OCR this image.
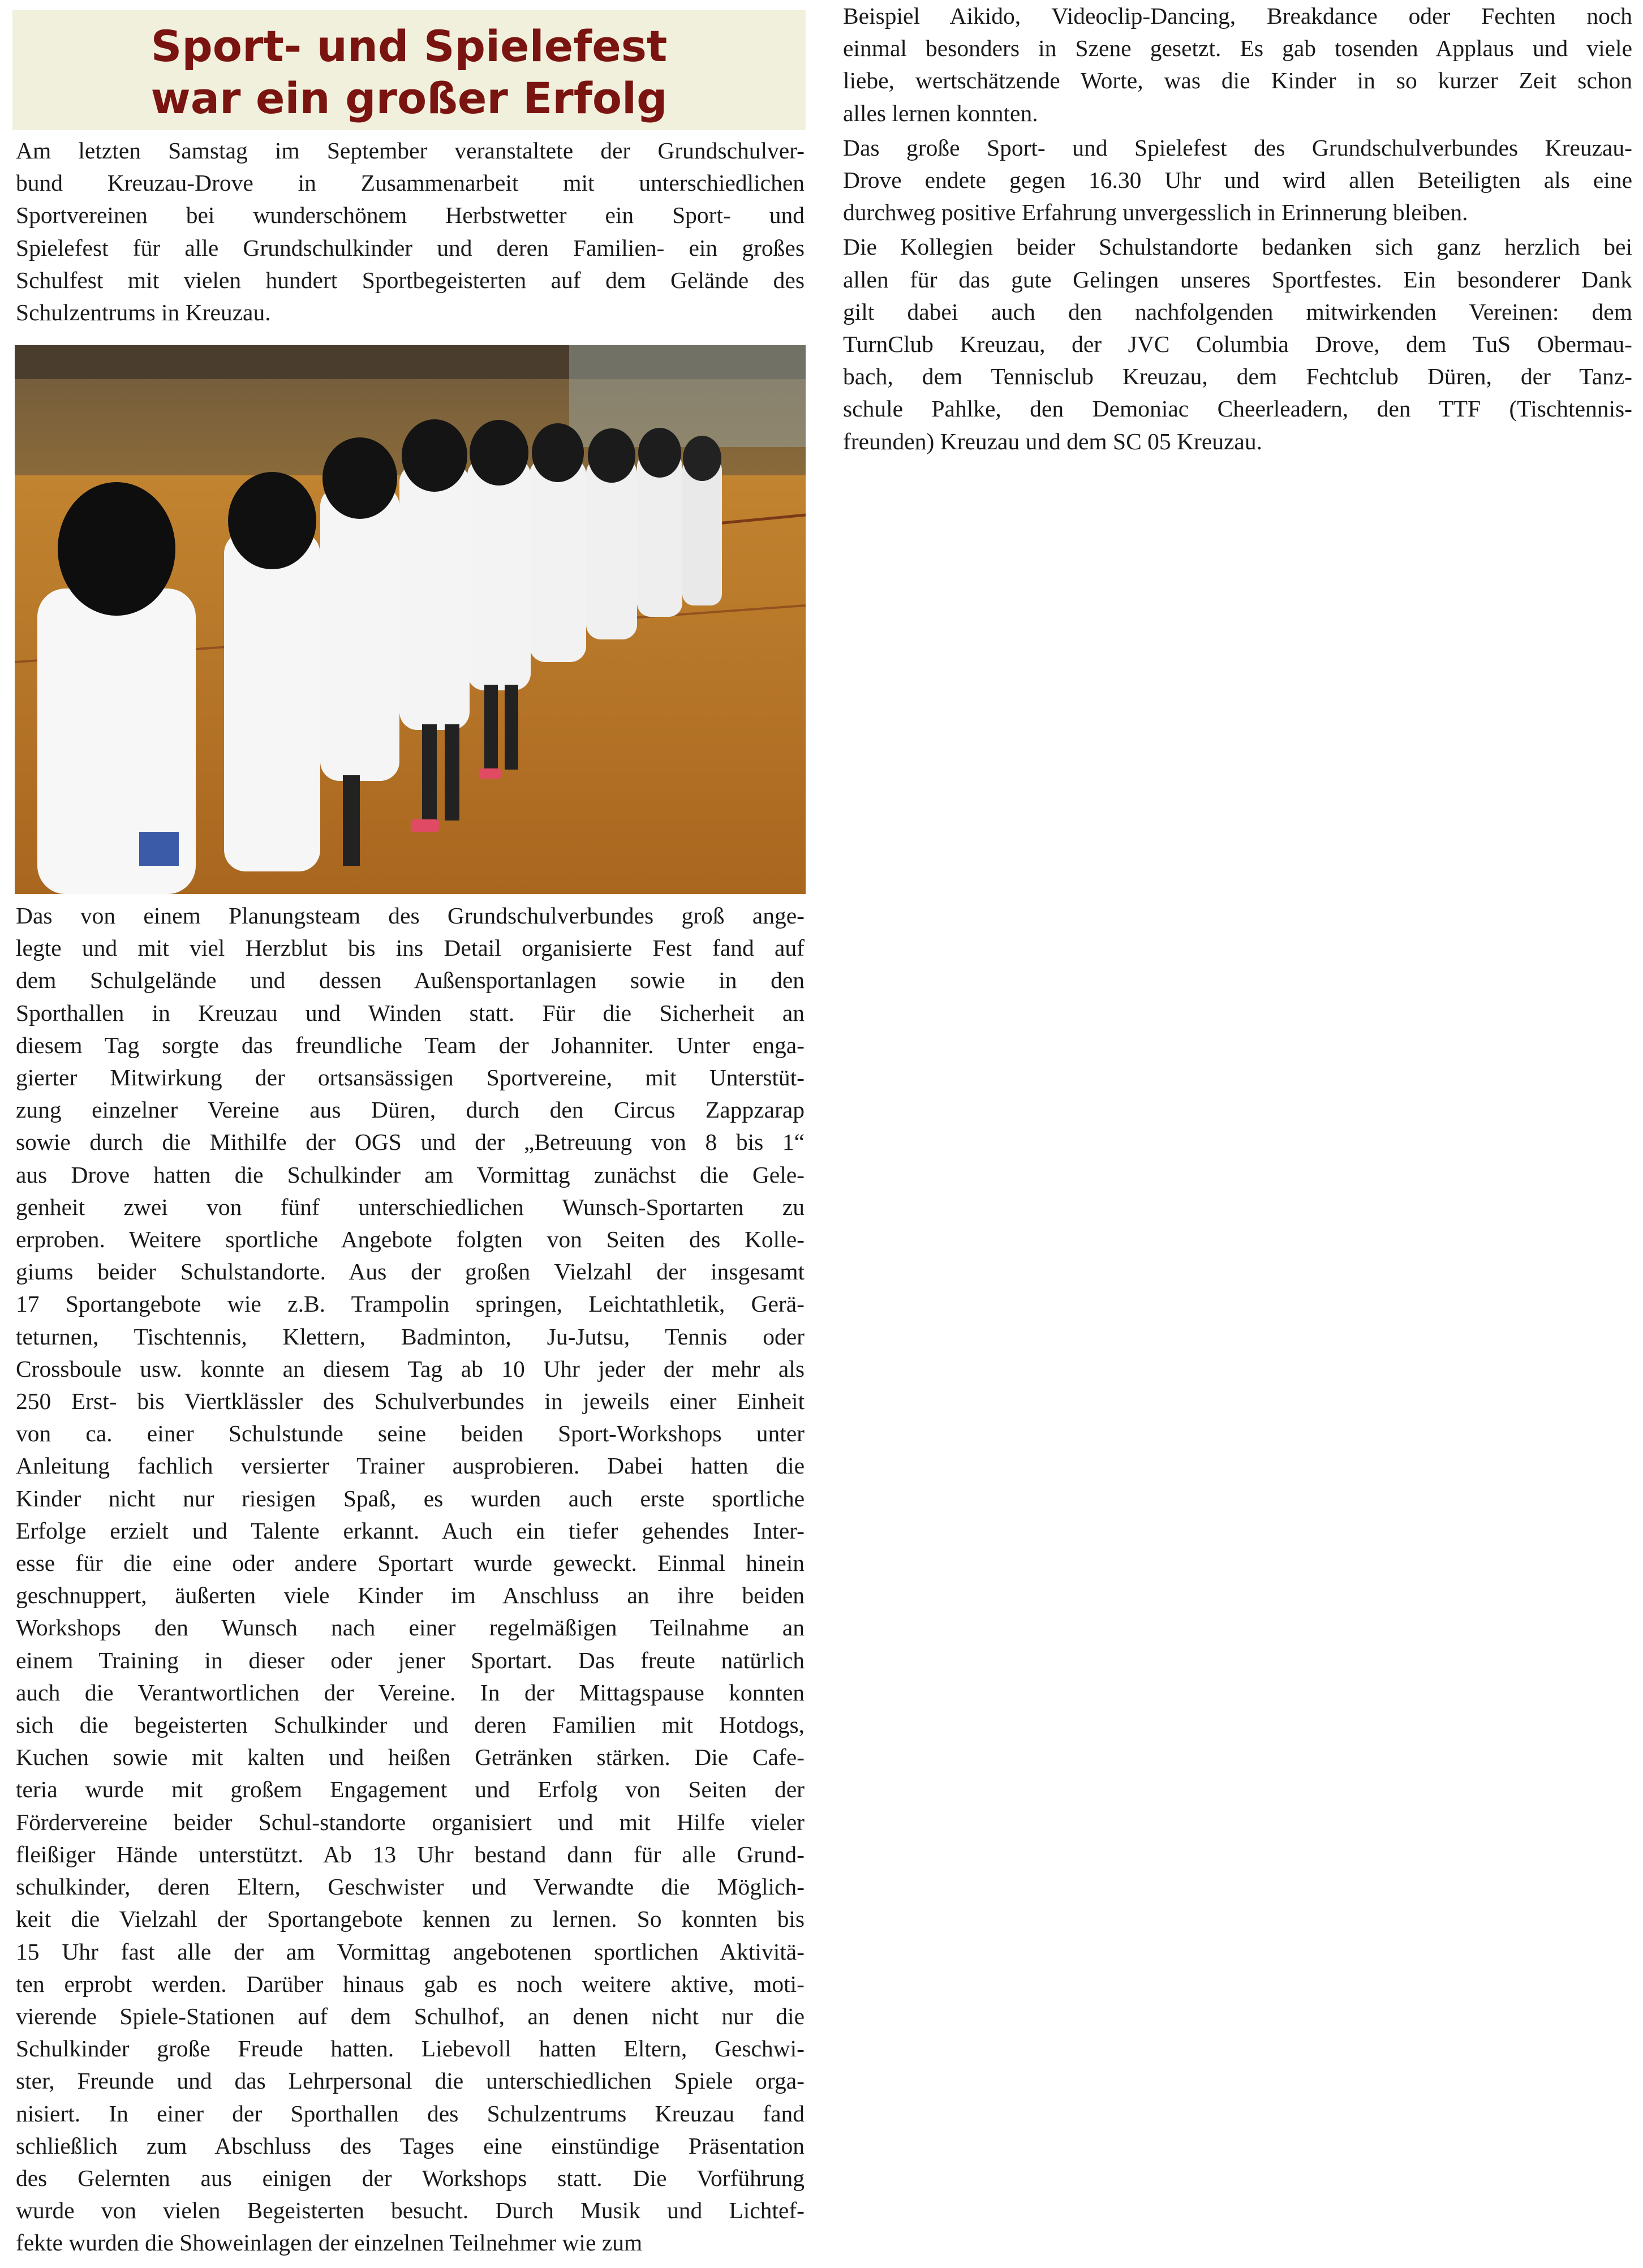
Sport- und Spielefest
war ein großer Erfolg

Am letzten Samstag im September veranstaltete der Grundschulver-
bund Kreuzau-Drove in Zusammenarbeit mit unterschiedlichen
Sportvereinen bei wunderschönem Herbstwetter ein Sport- und
Spielefest für alle Grundschulkinder und deren Familien- ein großes
Schulfest mit vielen hundert Sportbegeisterten auf dem Gelände des
Schulzentrums in Kreuzau.

Das von einem Planungsteam des Grundschulverbundes groß ange-
legte und mit viel Herzblut bis ins Detail organisierte Fest fand auf
dem Schulgelände und dessen Außensportanlagen sowie in den
Sporthallen in Kreuzau und Winden statt. Für die Sicherheit an
diesem Tag sorgte das freundliche Team der Johanniter. Unter enga-
gierter Mitwirkung der ortsansässigen Sportvereine, mit Unterstüt-
zung einzelner Vereine aus Düren, durch den Circus Zappzarap
sowie durch die Mithilfe der OGS und der „Betreuung von 8 bis 1“
aus Drove hatten die Schulkinder am Vormittag zunächst die Gele-
genheit zwei von fünf unterschiedlichen Wunsch-Sportarten zu
erproben. Weitere sportliche Angebote folgten von Seiten des Kolle-
giums beider Schulstandorte. Aus der großen Vielzahl der insgesamt
17 Sportangebote wie z.B. Trampolin springen, Leichtathletik, Gerä-
teturnen, Tischtennis, Klettern, Badminton, Ju-Jutsu, Tennis oder
Crossboule usw. konnte an diesem Tag ab 10 Uhr jeder der mehr als
250 Erst- bis Viertklässler des Schulverbundes in jeweils einer Einheit
von ca. einer Schulstunde seine beiden Sport-Workshops unter
Anleitung fachlich versierter Trainer ausprobieren. Dabei hatten die
Kinder nicht nur riesigen Spaß, es wurden auch erste sportliche
Erfolge erzielt und Talente erkannt. Auch ein tiefer gehendes Inter-
esse für die eine oder andere Sportart wurde geweckt. Einmal hinein
geschnuppert, äußerten viele Kinder im Anschluss an ihre beiden
Workshops den Wunsch nach einer regelmäßigen Teilnahme an
einem Training in dieser oder jener Sportart. Das freute natürlich
auch die Verantwortlichen der Vereine. In der Mittagspause konnten
sich die begeisterten Schulkinder und deren Familien mit Hotdogs,
Kuchen sowie mit kalten und heißen Getränken stärken. Die Cafe-
teria wurde mit großem Engagement und Erfolg von Seiten der
Fördervereine beider Schul-standorte organisiert und mit Hilfe vieler
fleißiger Hände unterstützt. Ab 13 Uhr bestand dann für alle Grund-
schulkinder, deren Eltern, Geschwister und Verwandte die Möglich-
keit die Vielzahl der Sportangebote kennen zu lernen. So konnten bis
15 Uhr fast alle der am Vormittag angebotenen sportlichen Aktivitä-
ten erprobt werden. Darüber hinaus gab es noch weitere aktive, moti-
vierende Spiele-Stationen auf dem Schulhof, an denen nicht nur die
Schulkinder große Freude hatten. Liebevoll hatten Eltern, Geschwi-
ster, Freunde und das Lehrpersonal die unterschiedlichen Spiele orga-
nisiert. In einer der Sporthallen des Schulzentrums Kreuzau fand
schließlich zum Abschluss des Tages eine einstündige Präsentation
des Gelernten aus einigen der Workshops statt. Die Vorführung
wurde von vielen Begeisterten besucht. Durch Musik und Lichtef-
fekte wurden die Showeinlagen der einzelnen Teilnehmer wie zum

Beispiel Aikido, Videoclip-Dancing, Breakdance oder Fechten noch
einmal besonders in Szene gesetzt. Es gab tosenden Applaus und viele
liebe, wertschätzende Worte, was die Kinder in so kurzer Zeit schon
alles lernen konnten.

Das große Sport- und Spielefest des Grundschulverbundes Kreuzau-
Drove endete gegen 16.30 Uhr und wird allen Beteiligten als eine
durchweg positive Erfahrung unvergesslich in Erinnerung bleiben.

Die Kollegien beider Schulstandorte bedanken sich ganz herzlich bei
allen für das gute Gelingen unseres Sportfestes. Ein besonderer Dank
gilt dabei auch den nachfolgenden mitwirkenden Vereinen: dem
TurnClub Kreuzau, der JVC Columbia Drove, dem TuS Obermau-
bach, dem Tennisclub Kreuzau, dem Fechtclub Düren, der Tanz-
schule Pahlke, den Demoniac Cheerleadern, den TTF (Tischtennis-
freunden) Kreuzau und dem SC 05 Kreuzau.
